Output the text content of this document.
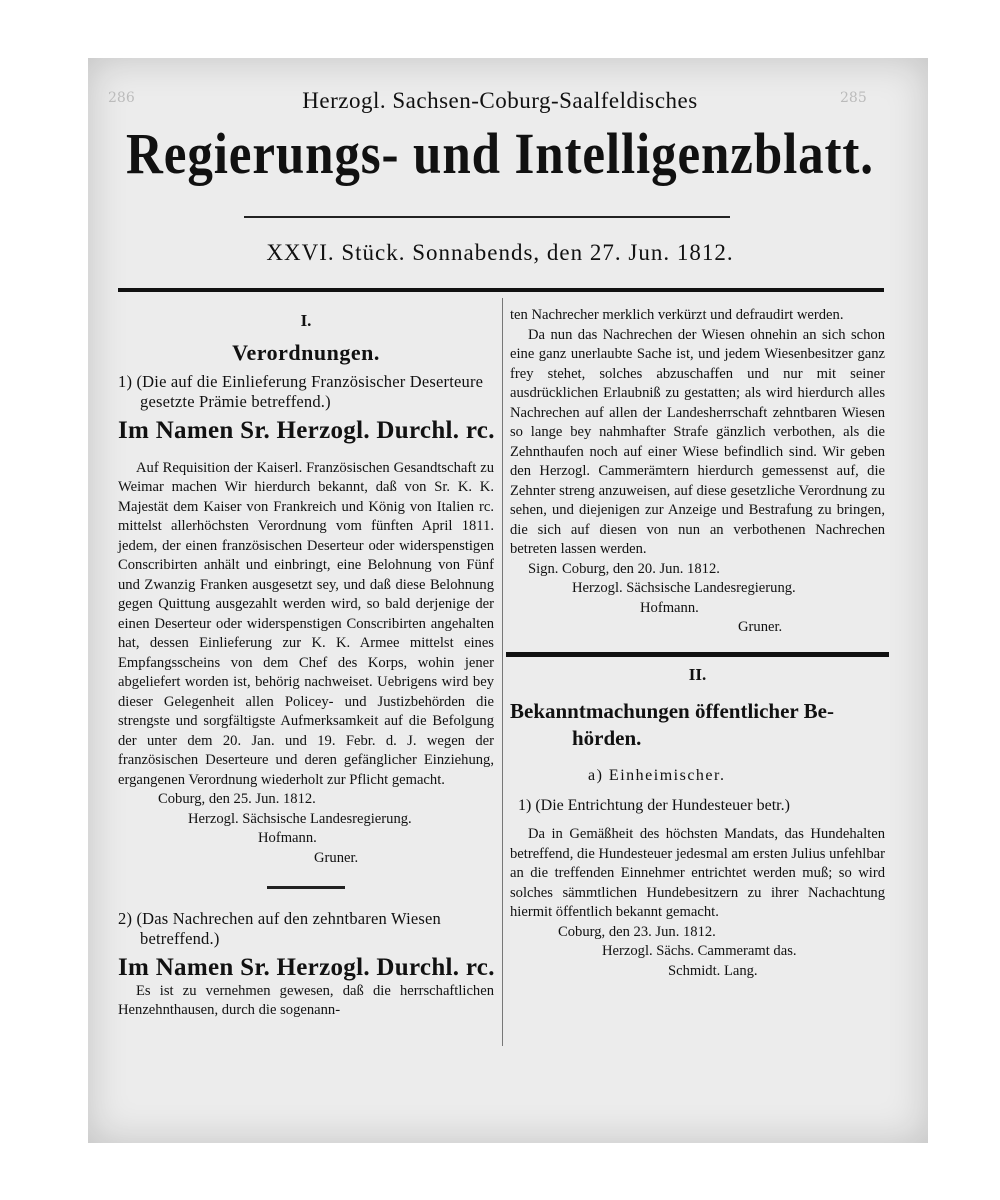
286	285
Herzogl. Sachsen-Coburg-Saalfeldisches
Regierungs- und Intelligenzblatt.
XXVI. Stück. Sonnabends, den 27. Jun. 1812.
I.
Verordnungen.
1) (Die auf die Einlieferung Französischer Deserteure gesetzte Prämie betreffend.)
Im Namen Sr. Herzogl. Durchl. rc.

Auf Requisition der Kaiserl. Französischen Gesandtschaft zu Weimar machen Wir hierdurch bekannt, daß von Sr. K. K. Majestät dem Kaiser von Frankreich und König von Italien rc. mittelst allerhöchsten Verordnung vom fünften April 1811. jedem, der einen französischen Deserteur oder widerspenstigen Conscribirten anhält und einbringt, eine Belohnung von Fünf und Zwanzig Franken ausgesetzt sey, und daß diese Belohnung gegen Quittung ausgezahlt werden wird, so bald derjenige der einen Deserteur oder widerspenstigen Conscribirten angehalten hat, dessen Einlieferung zur K. K. Armee mittelst eines Empfangsscheins von dem Chef des Korps, wohin jener abgeliefert worden ist, behörig nachweiset. Uebrigens wird bey dieser Gelegenheit allen Policey- und Justizbehörden die strengste und sorgfältigste Aufmerksamkeit auf die Befolgung der unter dem 20. Jan. und 19. Febr. d. J. wegen der französischen Deserteure und deren gefänglicher Einziehung, ergangenen Verordnung wiederholt zur Pflicht gemacht.

Coburg, den 25. Jun. 1812.

Herzogl. Sächsische Landesregierung.

Hofmann.

Gruner.

2) (Das Nachrechen auf den zehntbaren Wiesen betreffend.)
Im Namen Sr. Herzogl. Durchl. rc.

Es ist zu vernehmen gewesen, daß die herrschaftlichen Henzehnthausen, durch die sogenann-

ten Nachrecher merklich verkürzt und defraudirt werden.

Da nun das Nachrechen der Wiesen ohnehin an sich schon eine ganz unerlaubte Sache ist, und jedem Wiesenbesitzer ganz frey stehet, solches abzuschaffen und nur mit seiner ausdrücklichen Erlaubniß zu gestatten; als wird hierdurch alles Nachrechen auf allen der Landesherrschaft zehntbaren Wiesen so lange bey nahmhafter Strafe gänzlich verbothen, als die Zehnthaufen noch auf einer Wiese befindlich sind. Wir geben den Herzogl. Cammerämtern hierdurch gemessenst auf, die Zehnter streng anzuweisen, auf diese gesetzliche Verordnung zu sehen, und diejenigen zur Anzeige und Bestrafung zu bringen, die sich auf diesen von nun an verbothenen Nachrechen betreten lassen werden.

Sign. Coburg, den 20. Jun. 1812.

Herzogl. Sächsische Landesregierung.

Hofmann.

Gruner.

II.
Bekanntmachungen öffentlicher Be-
hörden.
a) Einheimischer.
1) (Die Entrichtung der Hundesteuer betr.)

Da in Gemäßheit des höchsten Mandats, das Hundehalten betreffend, die Hundesteuer jedesmal am ersten Julius unfehlbar an die treffenden Einnehmer entrichtet werden muß; so wird solches sämmtlichen Hundebesitzern zu ihrer Nachachtung hiermit öffentlich bekannt gemacht.

Coburg, den 23. Jun. 1812.

Herzogl. Sächs. Cammeramt das.

Schmidt. Lang.
